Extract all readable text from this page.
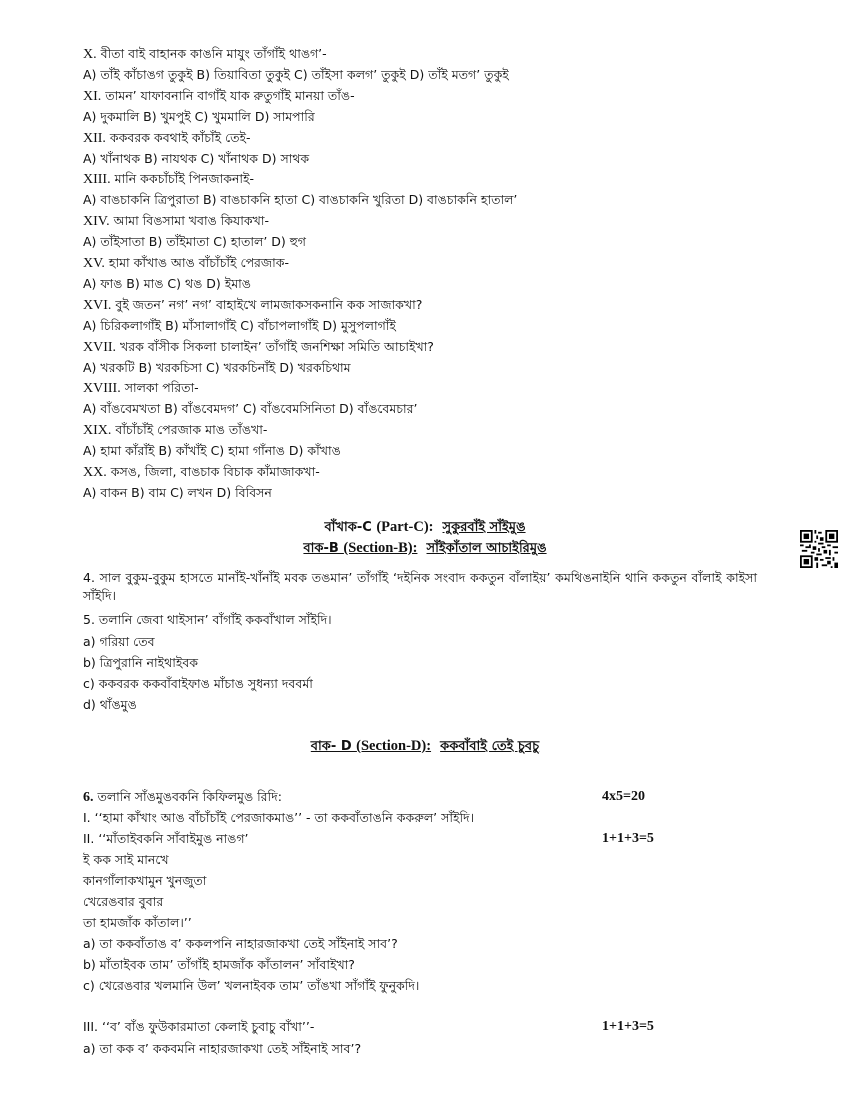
X. বীতা বাই বাহানক কাঙনি মাযুং তাঁগাঁই থাঙগ’-
A) তাঁই কাঁচাঙগ তুকুই B) তিয়াবিতা তুকুই C) তাঁইসা কলগ’ তুকুই D) তাঁই মতগ’ তুকুই
XI. তামন’ যাফাবনানি বাগাঁই যাক রুতুগাঁই মানয়া তাঁঙ-
A) দুকমালি B) খুমপুই C) খুমমালি D) সামপারি
XII. ককবরক কবথাই কাঁচাঁই তেই-
A) খাঁনাথক B) নাযথক C) খাঁনাথক D) সাথক
XIII. মানি ককচাঁচাঁই পিনজাকনাই-
A) বাঙচাকনি ত্রিপুরাতা B) বাঙচাকনি হাতা C) বাঙচাকনি খুরিতা D) বাঙচাকনি হাতাল’
XIV. আমা বিঙসামা খবাঙ কিযাকখা-
A) তাঁইসাতা B) তাঁইমাতা C) হাতাল’ D) হুগ
XV. হামা কাঁখাঙ আঙ বাঁচাঁচাঁই পেরজাক-
A) ফাঙ B) মাঙ C) থঙ D) ইমাঙ
XVI. বুই জতন’ নগ’ নগ’ বাহাইখে লামজাকসকনানি কক সাজাকখা?
A) চিরিকলাগাঁই B) মাঁসালাগাঁই C) বাঁচাপলাগাঁই D) মুসুপলাগাঁই
XVII. খরক বাঁসীক সিকলা চালাইন’ তাঁগাঁই জনশিক্ষা সমিতি আচাইখা?
A) খরকটি B) খরকচিসা C) খরকচিনাঁই D) খরকচিথাম
XVIII. সালকা পরিতা-
A) বাঁঙবেমখতা B) বাঁঙবেমদগ’ C) বাঁঙবেমসিনিতা D) বাঁঙবেমচার’
XIX. বাঁচাঁচাঁই পেরজাক মাঙ তাঁঙখা-
A) হামা কাঁরাঁই B) কাঁখাঁই C) হামা গাঁনাঙ D) কাঁখাঙ
XX. কসঙ, জিলা, বাঙচাক বিচাক কাঁমাজাকখা-
A) বাকন B) বাম C) লখন D) বিবিসন
বাঁখাক-C (Part-C): সুকুরবাঁই সাঁইমুঙ
বাক-B (Section-B): সাঁইকাঁতাল আচাইরিমুঙ
4. সাল বুকুম-বুকুম হাসতে মানাঁই-খাঁনাঁই মবক তঙমান’ তাঁগাঁই ‘দইনিক সংবাদ ককতুন বাঁলাইয়’ কমথিঙনাইনি থানি ককতুন বাঁলাই কাইসা সাঁইদি।
5. তলানি জেবা থাইসান’ বাঁগাঁই ককবাঁখাল সাঁইদি।
a) গরিয়া তেব
b) ত্রিপুরানি নাইথাইবক
c) ককবরক ককবাঁবাইফাঙ মাঁচাঙ সুধন্যা দববর্মা
d) থাঁঙমুঙ
বাক- D (Section-D): ককবাঁবাই তেই চুবচু
6. তলানি সাঁঙমুঙবকনি কিফিলমুঙ রিদি:	4x5=20
I. ‘‘হামা কাঁখাং আঙ বাঁচাঁচাঁই পেরজাকমাঙ’’ - তা ককবাঁতাঙনি ককরুল’ সাঁইদি।
II. ‘‘মাঁতাইবকনি সাঁবাইমুঙ নাঙগ’	1+1+3=5
ই কক সাই মানখে
কানগাঁলাকখামুন খুনজুতা
খেরেঙবার বুবার
তা হামজাঁক কাঁতাল।’’
a) তা ককবাঁতাঙ ব’ ককলপনি নাহারজাকখা তেই সাঁইনাই সাব’?
b) মাঁতাইবক তাম’ তাঁগাঁই হামজাঁক কাঁতালন’ সাঁবাইখা?
c) খেরেঙবার খলমানি উল’ খলনাইবক তাম’ তাঁঙখা সাঁগাঁই ফুনুকদি।
III. ‘‘ব’ বাঁঙ ফুউকারমাতা কেলাই চুবাচু বাঁখা’’-	1+1+3=5
a) তা কক ব’ ককবমনি নাহারজাকখা তেই সাঁইনাই সাব’?
